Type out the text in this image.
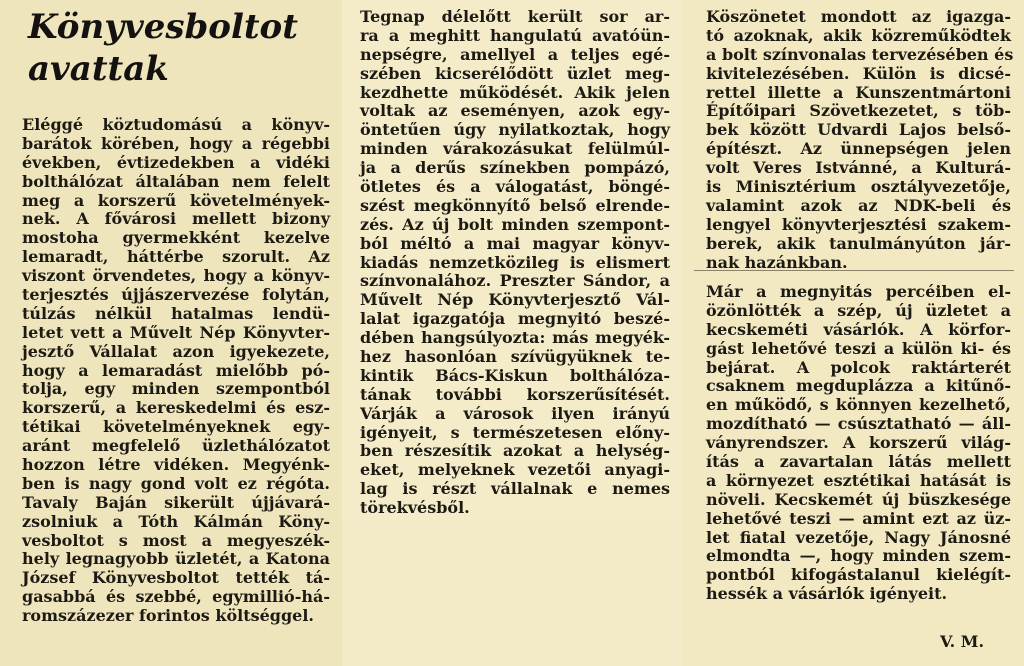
Könyvesboltot
avattak
Eléggé köztudomású a könyv-
barátok körében, hogy a régebbi
években, évtizedekben a vidéki
bolthálózat általában nem felelt
meg a korszerű követelmények-
nek. A fővárosi mellett bizony
mostoha gyermekként kezelve
lemaradt, háttérbe szorult. Az
viszont örvendetes, hogy a könyv-
terjesztés újjászervezése folytán,
túlzás nélkül hatalmas lendü-
letet vett a Művelt Nép Könyvter-
jesztő Vállalat azon igyekezete,
hogy a lemaradást mielőbb pó-
tolja, egy minden szempontból
korszerű, a kereskedelmi és esz-
tétikai követelményeknek egy-
aránt megfelelő üzlethálózatot
hozzon létre vidéken. Megyénk-
ben is nagy gond volt ez régóta.
Tavaly Baján sikerült újjávará-
zsolniuk a Tóth Kálmán Köny-
vesboltot s most a megyeszék-
hely legnagyobb üzletét, a Katona
József Könyvesboltot tették tá-
gasabbá és szebbé, egymillió-há-
romszázezer forintos költséggel.
Tegnap délelőtt került sor ar-
ra a meghitt hangulatú avatóün-
nepségre, amellyel a teljes egé-
szében kicserélődött üzlet meg-
kezdhette működését. Akik jelen
voltak az eseményen, azok egy-
öntetűen úgy nyilatkoztak, hogy
minden várakozásukat felülmúl-
ja a derűs színekben pompázó,
ötletes és a válogatást, böngé-
szést megkönnyítő belső elrende-
zés. Az új bolt minden szempont-
ból méltó a mai magyar könyv-
kiadás nemzetközileg is elismert
színvonalához. Preszter Sándor, a
Művelt Nép Könyvterjesztő Vál-
lalat igazgatója megnyitó beszé-
dében hangsúlyozta: más megyék-
hez hasonlóan szívügyüknek te-
kintik Bács-Kiskun bolthálóza-
tának további korszerűsítését.
Várják a városok ilyen irányú
igényeit, s természetesen előny-
ben részesítik azokat a helység-
eket, melyeknek vezetői anyagi-
lag is részt vállalnak e nemes
törekvésből.
Köszönetet mondott az igazga-
tó azoknak, akik közreműködtek
a bolt színvonalas tervezésében és
kivitelezésében. Külön is dicsé-
rettel illette a Kunszentmártoni
Építőipari Szövetkezetet, s töb-
bek között Udvardi Lajos belső-
építészt. Az ünnepségen jelen
volt Veres Istvánné, a Kulturá-
is Minisztérium osztályvezetője,
valamint azok az NDK-beli és
lengyel könyvterjesztési szakem-
berek, akik tanulmányúton jár-
nak hazánkban.
Már a megnyitás percéiben el-
özönlötték a szép, új üzletet a
kecskeméti vásárlók. A körfor-
gást lehetővé teszi a külön ki- és
bejárat. A polcok raktárterét
csaknem megduplázza a kitűnő-
en működő, s könnyen kezelhető,
mozdítható — csúsztatható — áll-
ványrendszer. A korszerű világ-
ítás a zavartalan látás mellett
a környezet esztétikai hatását is
növeli. Kecskemét új büszkesége
lehetővé teszi — amint ezt az üz-
let fiatal vezetője, Nagy Jánosné
elmondta —, hogy minden szem-
pontból kifogástalanul kielégít-
hessék a vásárlók igényeit.
V. M.
